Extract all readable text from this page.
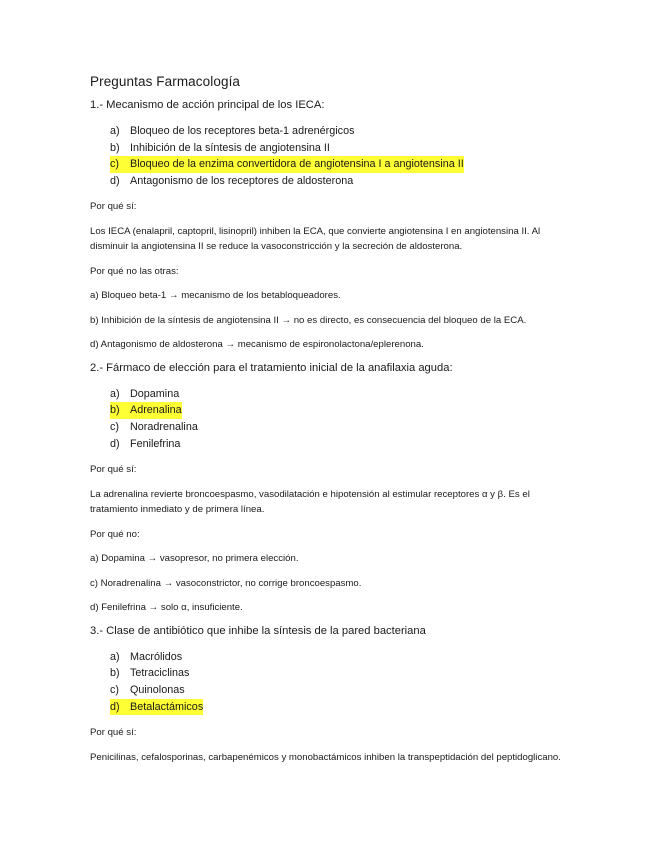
Preguntas Farmacología
1.- Mecanismo de acción principal de los IECA:
a) Bloqueo de los receptores beta-1 adrenérgicos
b) Inhibición de la síntesis de angiotensina II
c) Bloqueo de la enzima convertidora de angiotensina I a angiotensina II
d) Antagonismo de los receptores de aldosterona
Por qué sí:
Los IECA (enalapril, captopril, lisinopril) inhiben la ECA, que convierte angiotensina I en angiotensina II. Al disminuir la angiotensina II se reduce la vasoconstricción y la secreción de aldosterona.
Por qué no las otras:
a) Bloqueo beta-1 → mecanismo de los betabloqueadores.
b) Inhibición de la síntesis de angiotensina II → no es directo, es consecuencia del bloqueo de la ECA.
d) Antagonismo de aldosterona → mecanismo de espironolactona/eplerenona.
2.- Fármaco de elección para el tratamiento inicial de la anafilaxia aguda:
a) Dopamina
b) Adrenalina
c) Noradrenalina
d) Fenilefrina
Por qué sí:
La adrenalina revierte broncoespasmo, vasodilatación e hipotensión al estimular receptores α y β. Es el tratamiento inmediato y de primera línea.
Por qué no:
a) Dopamina → vasopresor, no primera elección.
c) Noradrenalina → vasoconstrictor, no corrige broncoespasmo.
d) Fenilefrina → solo α, insuficiente.
3.- Clase de antibiótico que inhibe la síntesis de la pared bacteriana
a) Macrólidos
b) Tetraciclinas
c) Quinolonas
d) Betalactámicos
Por qué sí:
Penicilinas, cefalosporinas, carbapenémicos y monobactámicos inhiben la transpeptidación del peptidoglicano.
